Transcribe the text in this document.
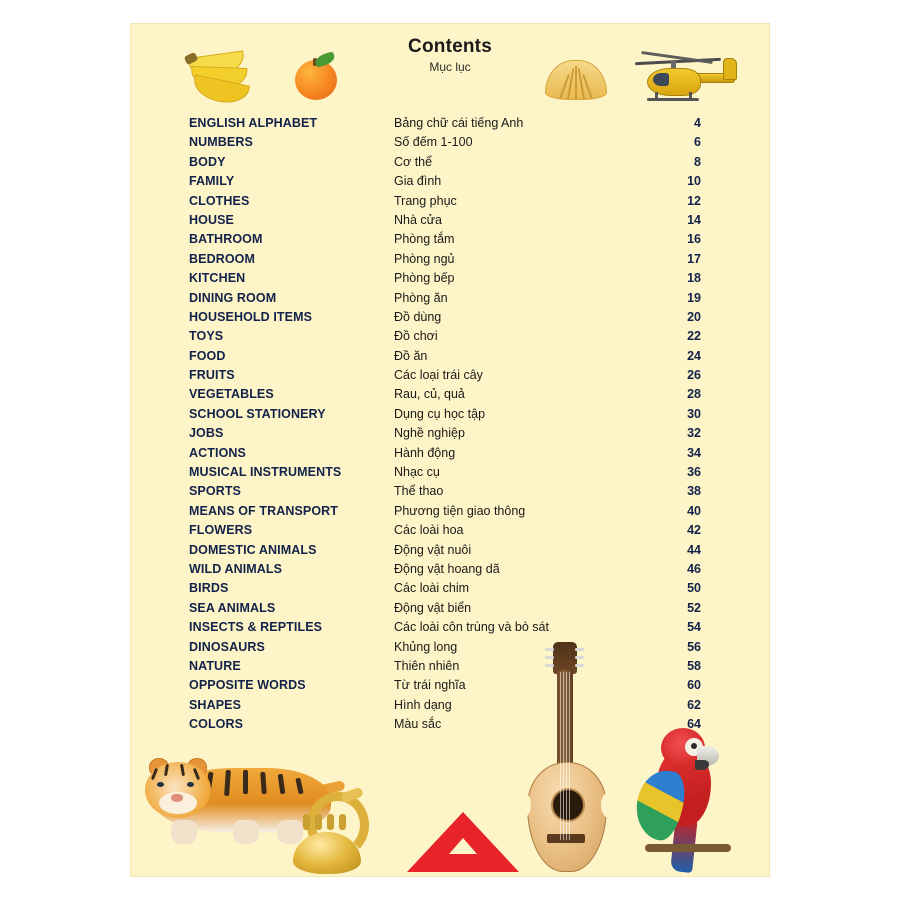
Contents
Mục lục
ENGLISH ALPHABET	Bảng chữ cái tiếng Anh	4
NUMBERS	Số đếm 1-100	6
BODY	Cơ thể	8
FAMILY	Gia đình	10
CLOTHES	Trang phục	12
HOUSE	Nhà cửa	14
BATHROOM	Phòng tắm	16
BEDROOM	Phòng ngủ	17
KITCHEN	Phòng bếp	18
DINING ROOM	Phòng ăn	19
HOUSEHOLD ITEMS	Đồ dùng	20
TOYS	Đồ chơi	22
FOOD	Đồ ăn	24
FRUITS	Các loại trái cây	26
VEGETABLES	Rau, củ, quả	28
SCHOOL STATIONERY	Dụng cụ học tập	30
JOBS	Nghề nghiệp	32
ACTIONS	Hành động	34
MUSICAL INSTRUMENTS	Nhạc cụ	36
SPORTS	Thể thao	38
MEANS OF TRANSPORT	Phương tiện giao thông	40
FLOWERS	Các loài hoa	42
DOMESTIC ANIMALS	Động vật nuôi	44
WILD ANIMALS	Động vật hoang dã	46
BIRDS	Các loài chim	50
SEA ANIMALS	Động vật biển	52
INSECTS & REPTILES	Các loài côn trùng và bò sát	54
DINOSAURS	Khủng long	56
NATURE	Thiên nhiên	58
OPPOSITE WORDS	Từ trái nghĩa	60
SHAPES	Hình dạng	62
COLORS	Màu sắc	64
